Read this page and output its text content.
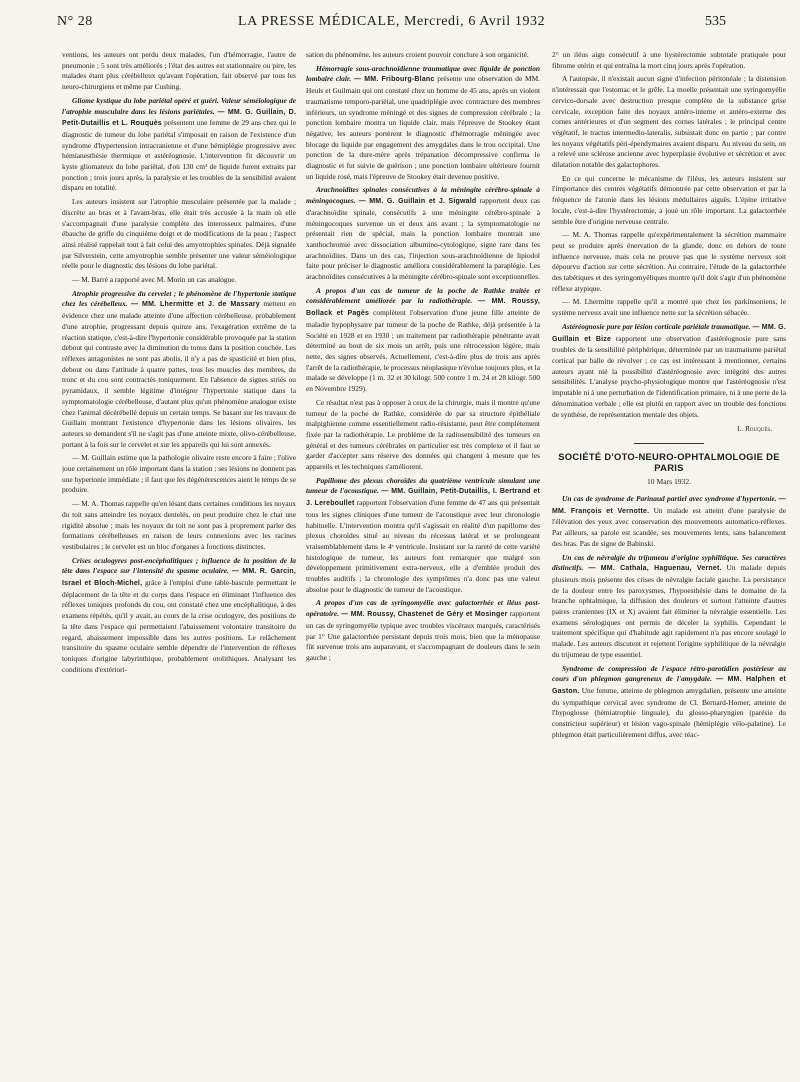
N° 28	LA PRESSE MÉDICALE, Mercredi, 6 Avril 1932	535

ventions, les auteurs ont perdu deux malades, l'un d'hémorragie, l'autre de pneumonie ; 5 sont très améliorés ; l'état des autres est stationnaire ou pire, les malades étant plus cérébelleux qu'avant l'opération, fait observé par tous les neuro-chirurgiens et même par Cushing.

Gliome kystique du lobe pariétal opéré et guéri. Valeur séméiologique de l'atrophie musculaire dans les lésions pariétales. — MM. G. Guillain, D. Petit-Dutaillis et L. Rouquès présentent une femme de 29 ans chez qui le diagnostic de tumeur du lobe pariétal s'imposait en raison de l'existence d'un syndrome d'hypertension intracranienne et d'une hémiplégie progressive avec hémianesthésie thermique et astéréognosie. L'intervention fit découvrir un kyste gliomateux du lobe pariétal, d'où 130 cm³ de liquide furent extraits par ponction ; trois jours après, la paralysie et les troubles de la sensibilité avaient disparu en totalité.

Les auteurs insistent sur l'atrophie musculaire présentée par la malade ; discrète au bras et à l'avant-bras, elle était très accusée à la main où elle s'accompagnait d'une paralysie complète des interosseux palmaires, d'une ébauche de griffe du cinquième doigt et de modifications de la peau ; l'aspect ainsi réalisé rappelait tout à fait celui des amyotrophies spinales. Déjà signalée par Silverstein, cette amyotrophie semble présenter une valeur séméiologique réelle pour le diagnostic des lésions du lobe pariétal.

— M. Barré a rapporté avec M. Morin un cas analogue.

Atrophie progressive du cervelet ; le phénomène de l'hypertonie statique chez les cérébelleux. — MM. Lhermitte et J. de Massary mettent en évidence chez une malade atteinte d'une affection cérébelleuse, probablement d'une atrophie, progressant depuis quinze ans, l'exagération extrême de la réaction statique, c'est-à-dire l'hypertonie considérable provoquée par la station debout qui contraste avec la diminution du tonus dans la position couchée. Les réflexes antagonistes ne sont pas abolis, il n'y a pas de spasticité et bien plus, debout ou dans l'attitude à quatre pattes, tous les muscles des membres, du tronc et du cou sont contractés toniquement. En l'absence de signes striés ou pyramidaux, il semble légitime d'intégrer l'hypertonie statique dans la symptomatologie cérébelleuse, d'autant plus qu'un phénomène analogue existe chez l'animal décérébellé depuis un certain temps. Se basant sur les travaux de Guillain montrant l'existence d'hypertonie dans les lésions olivaires, les auteurs se demandent s'il ne s'agit pas d'une atteinte mixte, olivo-cérébelleuse, portant à la fois sur le cervelet et sur les appareils qui lui sont annexés.

— M. Guillain estime que la pathologie olivaire reste encore à faire ; l'olive joue certainement un rôle important dans la station ; ses lésions ne donnent pas une hypertonie immédiate ; il faut que les dégénérescences aient le temps de se produire.

— M. A. Thomas rappelle qu'en lésant dans certaines conditions les noyaux du toit sans atteindre les noyaux dentelés, on peut produire chez le chat une rigidité absolue ; mais les noyaux du toit ne sont pas à proprement parler des formations cérébelleuses en raison de leurs connexions avec les racines vestibulaires ; le cervelet est un bloc d'organes à fonctions distinctes.

Crises oculogyres post-encéphalitiques ; influence de la position de la tête dans l'espace sur l'intensité du spasme oculaire. — MM. R. Garcin, Israel et Bloch-Michel, grâce à l'emploi d'une table-bascule permettant le déplacement de la tête et du corps dans l'espace en éliminant l'influence des réflexes toniques profonds du cou, ont constaté chez une encéphalitique, à des examens répétés, qu'il y avait, au cours de la crise oculogyre, des positions de la tête dans l'espace qui permettaient l'abaissement volontaire transitoire du regard, abaissement impossible dans les autres positions. Le relâchement transitoire du spasme oculaire semble dépendre de l'intervention de réflexes toniques d'origine labyrinthique, probablement otolithiques. Analysant les conditions d'extériori-

sation du phénomène, les auteurs croient pouvoir conclure à son organicité.

Hémorragie sous-arachnoïdienne traumatique avec liquide de ponction lombaire clair. — MM. Fribourg-Blanc présente une observation de MM. Heuls et Guilmain qui ont constaté chez un homme de 45 ans, après un violent traumatisme temporo-pariétal, une quadriplégie avec contracture des membres inférieurs, un syndrome méningé et des signes de compression cérébrale ; la ponction lombaire montra un liquide clair, mais l'épreuve de Stookey étant négative, les auteurs portèrent le diagnostic d'hémorragie méningée avec blocage du liquide par engagement des amygdales dans le trou occipital. Une ponction de la dure-mère après trépanation décompressive confirma le diagnostic et fut suivie de guérison ; une ponction lombaire ultérieure fournit un liquide rosé, mais l'épreuve de Stookey était devenue positive.

Arachnoïdites spinales consécutives à la méningite cérébro-spinale à méningocoques. — MM. G. Guillain et J. Sigwald rapportent deux cas d'arachnoïdite spinale, consécutifs à une méningite cérébro-spinale à méningocoques survenue un et deux ans avant ; la symptomatologie ne présentait rien de spécial, mais la ponction lombaire montrait une xanthochromie avec dissociation albumino-cytologique, signe rare dans les arachnoïdites. Dans un des cas, l'injection sous-arachnoïdienne de lipiodol faite pour préciser le diagnostic améliora considérablement la paraplégie. Les arachnoïdites consécutives à la méningite cérébro-spinale sont exceptionnelles.

A propos d'un cas de tumeur de la poche de Rathke traitée et considérablement améliorée par la radiothérapie. — MM. Roussy, Bollack et Pagès complètent l'observation d'une jeune fille atteinte de maladie hypophysaire par tumeur de la poche de Rathke, déjà présentée à la Société en 1928 et en 1930 ; un traitement par radiothérapie pénétrante avait déterminé au bout de six mois un arrêt, puis une rétrocession légère, mais nette, des signes observés. Actuellement, c'est-à-dire plus de trois ans après l'arrêt de la radiothérapie, le processus néoplasique n'évolue toujours plus, et la malade se développe (1 m. 32 et 30 kilogr. 500 contre 1 m. 24 et 28 kilogr. 500 en Novembre 1929).

Ce résultat n'est pas à opposer à ceux de la chirurgie, mais il montre qu'une tumeur de la poche de Rathke, considérée de par sa structure épithéliale malpighienne comme essentiellement radio-résistante, peut être complètement fixée par la radiothérapie. Le problème de la radiosensibilité des tumeurs en général et des tumeurs cérébrales en particulier est très complexe et il faut se garder d'accepter sans réserve des données qui changent à mesure que les appareils et les techniques s'améliorent.

Papillome des plexus choroïdes du quatrième ventricule simulant une tumeur de l'acoustique. — MM. Guillain, Petit-Dutaillis, I. Bertrand et J. Lereboullet rapportent l'observation d'une femme de 47 ans qui présentait tous les signes cliniques d'une tumeur de l'acoustique avec leur chronologie habituelle. L'intervention montra qu'il s'agissait en réalité d'un papillome des plexus choroïdes situé au niveau du récessus latéral et se prolongeant vraisemblablement dans le 4ᵉ ventricule. Insistant sur la rareté de cette variété histologique de tumeur, les auteurs font remarquer que malgré son développement primitivement extra-nerveux, elle a d'emblée produit des troubles auditifs ; la chronologie des symptômes n'a donc pas une valeur absolue pour le diagnostic de tumeur de l'acoustique.

A propos d'un cas de syringomyélie avec galactorrhée et iléus post-opératoire. — MM. Roussy, Chastenet de Géry et Mosinger rapportent un cas de syringomyélie typique avec troubles viscéraux marqués, caractérisés par 1° Une galactorrhée persistant depuis trois mois, bien que la ménopause fût survenue trois ans auparavant, et s'accompagnant de douleurs dans le sein gauche ;

2° un iléus aigu consécutif à une hystérectomie subtotale pratiquée pour fibrome utérin et qui entraîna la mort cinq jours après l'opération.

A l'autopsie, il n'existait aucun signe d'infection péritonéale ; la distension n'intéressait que l'estomac et le grêle. La moelle présentait une syringomyélie cervico-dorsale avec destruction presque complète de la substance grise cervicale, exception faite des noyaux antéro-interne et antéro-externe des cornes antérieures et d'un segment des cornes latérales ; le principal centre végétatif, le tractus intermedio-lateralis, subsistait donc en partie ; par contre les noyaux végétatifs péri-épendymaires avaient disparu. Au niveau du sein, on a relevé une sclérose ancienne avec hyperplasie évolutive et sécrétion et avec dilatation notable des galactophores.

En ce qui concerne le mécanisme de l'iléus, les auteurs insistent sur l'importance des centres végétatifs démontrée par cette observation et par la fréquence de l'atonie dans les lésions médullaires aiguës. L'épine irritative locale, c'est-à-dire l'hystérectomie, a joué un rôle important. La galactorrhée semble être d'origine nerveuse centrale.

— M. A. Thomas rappelle qu'expérimentalement la sécrétion mammaire peut se produire après énervation de la glande, donc en dehors de toute influence nerveuse, mais cela ne prouve pas que le système nerveux soit dépourvu d'action sur cette sécrétion. Au contraire, l'étude de la galactorrhée des tabétiques et des syringomyéliques montre qu'il doit s'agir d'un phénomène réflexe atypique.

— M. Lhermitte rappelle qu'il a montré que chez les parkinsoniens, le système nerveux avait une influence nette sur la sécrétion sébacée.

Astéréognosie pure par lésion corticale pariétale traumatique. — MM. G. Guillain et Bize rapportent une observation d'astéréognosie pure sans troubles de la sensibilité périphérique, déterminée par un traumatisme pariétal cortical par balle de révolver ; ce cas est intéressant à mentionner, certains auteurs ayant nié la possibilité d'astéréognosie avec intégrité des autres sensibilités. L'analyse psycho-physiologique montre que l'astéréognosie n'est imputable ni à une perturbation de l'identification primaire, ni à une perte de la dénomination verbale ; elle est plutôt en rapport avec un trouble des fonctions de synthèse, de représentation mentale des objets.

L. Rouquès.
SOCIÉTÉ D'OTO-NEURO-OPHTALMOLOGIE DE PARIS
10 Mars 1932.

Un cas de syndrome de Parinaud partiel avec syndrome d'hypertonie. — MM. François et Vernotte. Un malade est atteint d'une paralysie de l'élévation des yeux avec conservation des mouvements automatico-réflexes. Par ailleurs, sa parole est scandée, ses mouvements lents, sans balancement des bras. Pas de signe de Babinski.

Un cas de névralgie du trijumeau d'origine syphilitique. Ses caractères distinctifs. — MM. Cathala, Haguenau, Vernet. Un malade depuis plusieurs mois présente des crises de névralgie faciale gauche. La persistance de la douleur entre les paroxysmes, l'hypoesthésie dans le domaine de la branche ophtalmique, la diffusion des douleurs et surtout l'atteinte d'autres paires craniennes (IX et X) avaient fait éliminer la névralgie essentielle. Les examens sérologiques ont permis de déceler la syphilis. Cependant le traitement spécifique qui d'habitude agit rapidement n'a pas encore soulagé le malade. Les auteurs discutent et rejettent l'origine syphilitique de la névralgie du trijumeau de type essentiel.

Syndrome de compression de l'espace rétro-parotidien postérieur au cours d'un phlegmon gangreneux de l'amygdale. — MM. Halphen et Gaston. Une femme, atteinte de phlegmon amygdalien, présente une atteinte du sympathique cervical avec syndrome de Cl. Bernard-Horner, atteinte de l'hypoglosse (hémiatrophie linguale), du glosso-pharyngien (parésie du constricteur supérieur) et lésion vago-spinale (hémiplégie vélo-palatine). Le phlegmon était particulièrement diffus, avec réac-
